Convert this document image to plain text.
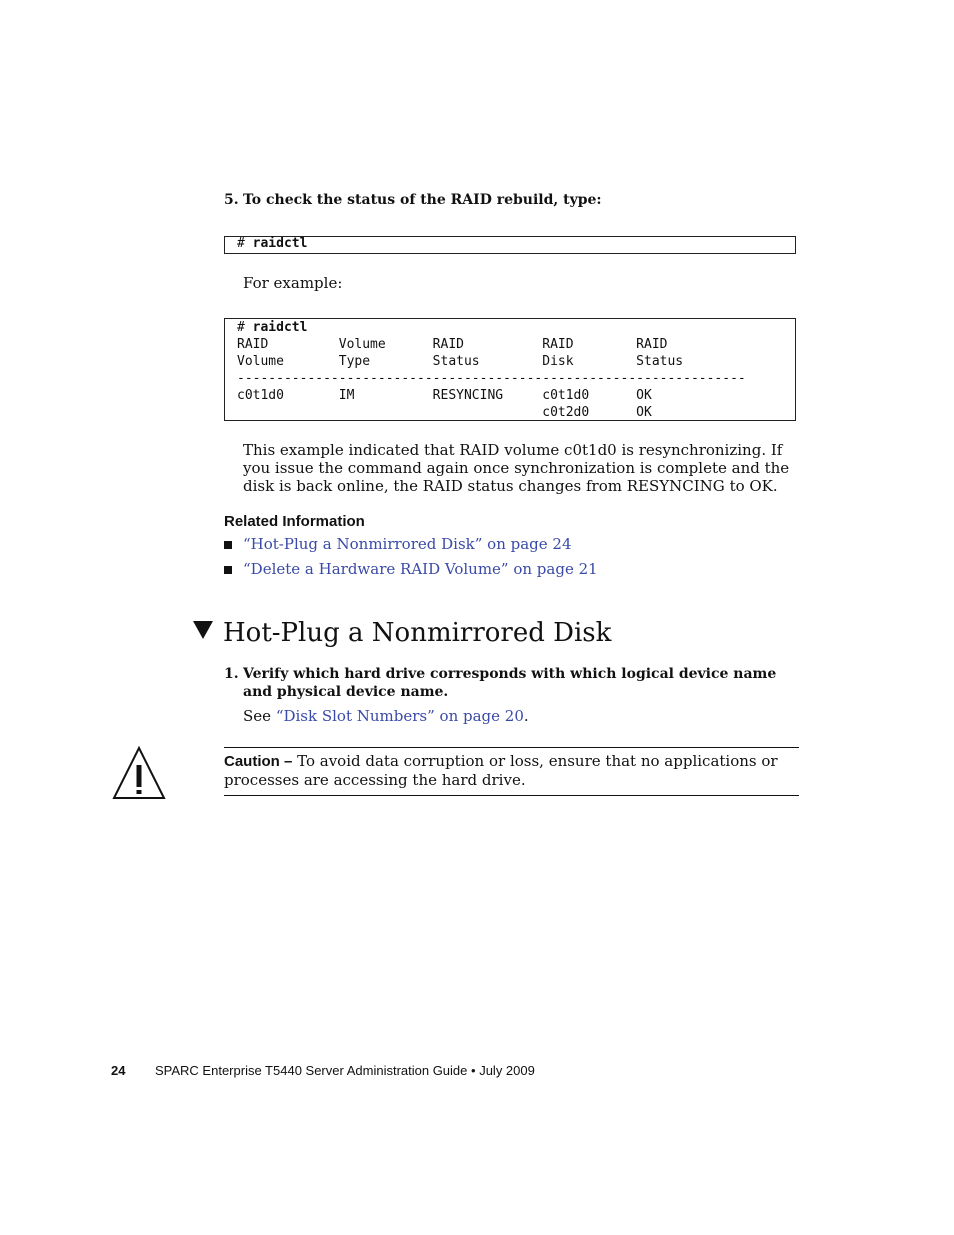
5. To check the status of the RAID rebuild, type:
# raidctl
For example:
# raidctl
RAID         Volume      RAID          RAID        RAID
Volume       Type        Status        Disk        Status
-----------------------------------------------------------------
c0t1d0       IM          RESYNCING     c0t1d0      OK
c0t2d0      OK
This example indicated that RAID volume c0t1d0 is resynchronizing. If you issue the command again once synchronization is complete and the disk is back online, the RAID status changes from RESYNCING to OK.
Related Information
“Hot-Plug a Nonmirrored Disk” on page 24
“Delete a Hardware RAID Volume” on page 21
Hot-Plug a Nonmirrored Disk
1. Verify which hard drive corresponds with which logical device name and physical device name.
See “Disk Slot Numbers” on page 20.
Caution – To avoid data corruption or loss, ensure that no applications or processes are accessing the hard drive.
24 SPARC Enterprise T5440 Server Administration Guide • July 2009
